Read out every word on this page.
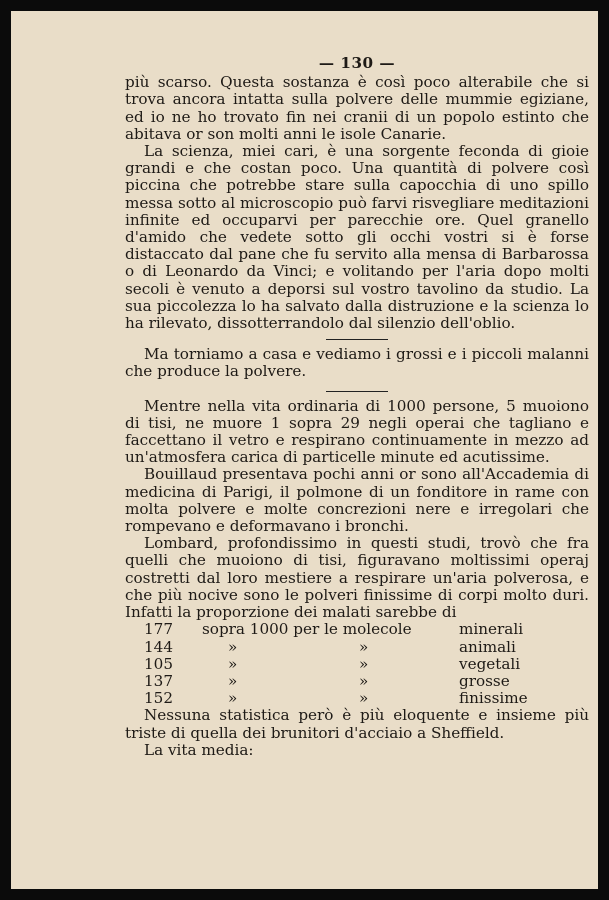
— 130 —

più scarso. Questa sostanza è così poco alterabile che si trova ancora intatta sulla polvere delle mummie egiziane, ed io ne ho trovato fin nei cranii di un popolo estinto che abitava or son molti anni le isole Canarie.

La scienza, miei cari, è una sorgente feconda di gioie grandi e che costan poco. Una quantità di polvere così piccina che potrebbe stare sulla capocchia di uno spillo messa sotto al microscopio può farvi risvegliare meditazioni infinite ed occuparvi per parecchie ore. Quel granello d'amido che vedete sotto gli occhi vostri si è forse distaccato dal pane che fu servito alla mensa di Barbarossa o di Leonardo da Vinci; e volitando per l'aria dopo molti secoli è venuto a deporsi sul vostro tavolino da studio. La sua piccolezza lo ha salvato dalla distruzione e la scienza lo ha rilevato, dissotterrandolo dal silenzio dell'oblio.

Ma torniamo a casa e vediamo i grossi e i piccoli malanni che produce la polvere.

Mentre nella vita ordinaria di 1000 persone, 5 muoiono di tisi, ne muore 1 sopra 29 negli operai che tagliano e faccettano il vetro e respirano continuamente in mezzo ad un'atmosfera carica di particelle minute ed acutissime.

Bouillaud presentava pochi anni or sono all'Accademia di medicina di Parigi, il polmone di un fonditore in rame con molta polvere e molte concrezioni nere e irregolari che rompevano e deformavano i bronchi.

Lombard, profondissimo in questi studi, trovò che fra quelli che muoiono di tisi, figuravano moltissimi operaj costretti dal loro mestiere a respirare un'aria polverosa, e che più nocive sono le polveri finissime di corpi molto duri. Infatti la proporzione dei malati sarebbe di

177	sopra 1000 per le molecole		minerali
144	»	»	animali
105	»	»	vegetali
137	»	»	grosse
152	»	»	finissime

Nessuna statistica però è più eloquente e insieme più triste di quella dei brunitori d'acciaio a Sheffield.

La vita media:
